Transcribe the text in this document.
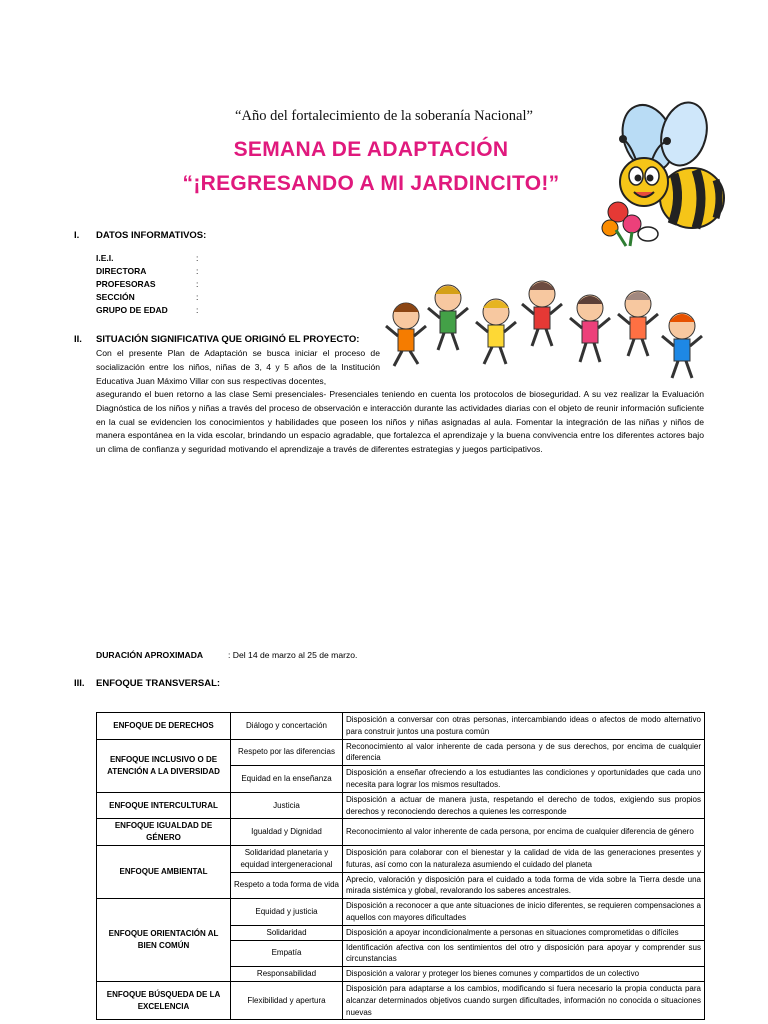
“Año del fortalecimiento de la soberanía Nacional”
SEMANA DE ADAPTACIÓN
“¡REGRESANDO A MI JARDINCITO!”
I. DATOS INFORMATIVOS:
I.E.I.	:
DIRECTORA	:
PROFESORAS	:
SECCIÓN	:
GRUPO DE EDAD	:
II. SITUACIÓN SIGNIFICATIVA QUE ORIGINÓ EL PROYECTO:
Con el presente Plan de Adaptación se busca iniciar el proceso de socialización entre los niños, niñas de 3, 4 y 5 años de la Institución Educativa Juan Máximo Villar con sus respectivas docentes,
asegurando el buen retorno a las clase Semi presenciales- Presenciales teniendo en cuenta los protocolos de bioseguridad. A su vez realizar la Evaluación Diagnóstica de los niños y niñas a través del proceso de observación e interacción durante las actividades diarias con el objeto de reunir información suficiente en la cual se evidencien los conocimientos y habilidades que poseen los niños y niñas asignadas al aula. Fomentar la integración de las niñas y niños de manera espontánea en la vida escolar, brindando un espacio agradable, que fortalezca el aprendizaje y la buena convivencia entre los diferentes actores bajo un clima de confianza y seguridad motivando el aprendizaje a través de diferentes estrategias y juegos participativos.
DURACIÓN APROXIMADA	: Del 14 de marzo al 25 de marzo.
III. ENFOQUE TRANSVERSAL:
ENFOQUE DE DERECHOS	Diálogo y concertación	Disposición a conversar con otras personas, intercambiando ideas o afectos de modo alternativo para construir juntos una postura común
ENFOQUE INCLUSIVO O DE ATENCIÓN A LA DIVERSIDAD	Respeto por las diferencias	Reconocimiento al valor inherente de cada persona y de sus derechos, por encima de cualquier diferencia
	Equidad en la enseñanza	Disposición a enseñar ofreciendo a los estudiantes las condiciones y oportunidades que cada uno necesita para lograr los mismos resultados.
ENFOQUE INTERCULTURAL	Justicia	Disposición a actuar de manera justa, respetando el derecho de todos, exigiendo sus propios derechos y reconociendo derechos a quienes les corresponde
ENFOQUE IGUALDAD DE GÉNERO	Igualdad y Dignidad	Reconocimiento al valor inherente de cada persona, por encima de cualquier diferencia de género
ENFOQUE AMBIENTAL	Solidaridad planetaria y equidad intergeneracional	Disposición para colaborar con el bienestar y la calidad de vida de las generaciones presentes y futuras, así como con la naturaleza asumiendo el cuidado del planeta
	Respeto a toda forma de vida	Aprecio, valoración y disposición para el cuidado a toda forma de vida sobre la Tierra desde una mirada sistémica y global, revalorando los saberes ancestrales.
ENFOQUE ORIENTACIÓN AL BIEN COMÚN	Equidad y justicia	Disposición a reconocer a que ante situaciones de inicio diferentes, se requieren compensaciones a aquellos con mayores dificultades
	Solidaridad	Disposición a apoyar incondicionalmente a personas en situaciones comprometidas o difíciles
	Empatía	Identificación afectiva con los sentimientos del otro y disposición para apoyar y comprender sus circunstancias
	Responsabilidad	Disposición a valorar y proteger los bienes comunes y compartidos de un colectivo
ENFOQUE BÚSQUEDA DE LA EXCELENCIA	Flexibilidad y apertura	Disposición para adaptarse a los cambios, modificando si fuera necesario la propia conducta para alcanzar determinados objetivos cuando surgen dificultades, información no conocida o situaciones nuevas
